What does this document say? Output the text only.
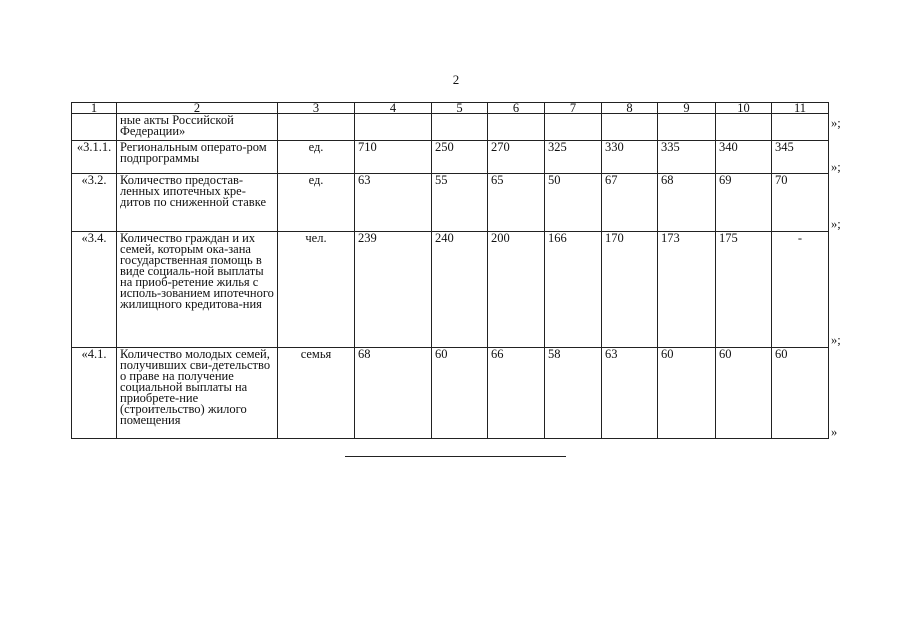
2
1	2	3	4	5	6	7	8	9	10	11
	ные акты Российской Федерации»									
«3.1.1.	Региональным операто-ром подпрограммы	ед.	710	250	270	325	330	335	340	345
«3.2.	Количество предостав-ленных ипотечных кре-дитов по сниженной ставке	ед.	63	55	65	50	67	68	69	70
«3.4.	Количество граждан и их семей, которым ока-зана государственная помощь в виде социаль-ной выплаты на приоб-ретение жилья с исполь-зованием ипотечного жилищного кредитова-ния	чел.	239	240	200	166	170	173	175	-
«4.1.	Количество молодых семей, получивших сви-детельство о праве на получение социальной выплаты на приобрете-ние (строительство) жилого помещения	семья	68	60	66	58	63	60	60	60
»;
»;
»;
»;
»
